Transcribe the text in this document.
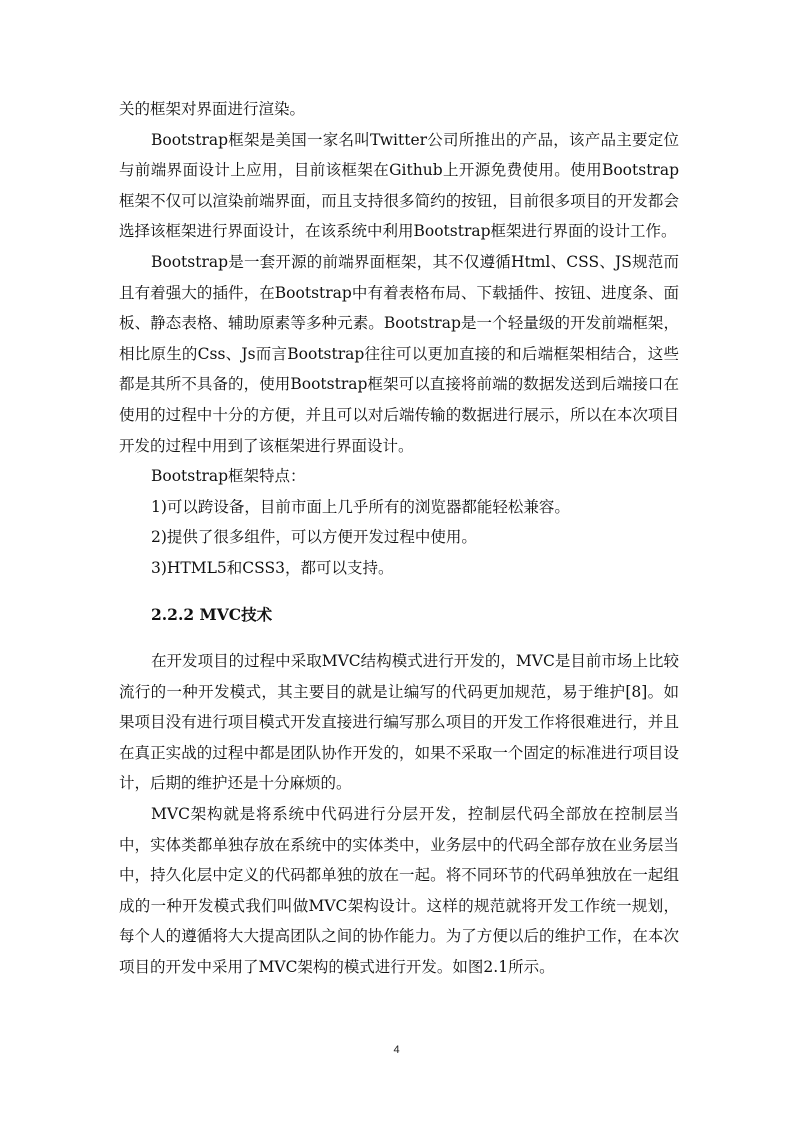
关的框架对界面进行渲染。

Bootstrap框架是美国一家名叫Twitter公司所推出的产品，该产品主要定位与前端界面设计上应用，目前该框架在Github上开源免费使用。使用Bootstrap框架不仅可以渲染前端界面，而且支持很多简约的按钮，目前很多项目的开发都会选择该框架进行界面设计，在该系统中利用Bootstrap框架进行界面的设计工作。

Bootstrap是一套开源的前端界面框架，其不仅遵循Html、CSS、JS规范而且有着强大的插件，在Bootstrap中有着表格布局、下载插件、按钮、进度条、面板、静态表格、辅助原素等多种元素。Bootstrap是一个轻量级的开发前端框架，相比原生的Css、Js而言Bootstrap往往可以更加直接的和后端框架相结合，这些都是其所不具备的，使用Bootstrap框架可以直接将前端的数据发送到后端接口在使用的过程中十分的方便，并且可以对后端传输的数据进行展示，所以在本次项目开发的过程中用到了该框架进行界面设计。

Bootstrap框架特点：

1)可以跨设备，目前市面上几乎所有的浏览器都能轻松兼容。

2)提供了很多组件，可以方便开发过程中使用。

3)HTML5和CSS3，都可以支持。

2.2.2 MVC技术

在开发项目的过程中采取MVC结构模式进行开发的，MVC是目前市场上比较流行的一种开发模式，其主要目的就是让编写的代码更加规范，易于维护[8]。如果项目没有进行项目模式开发直接进行编写那么项目的开发工作将很难进行，并且在真正实战的过程中都是团队协作开发的，如果不采取一个固定的标准进行项目设计，后期的维护还是十分麻烦的。

MVC架构就是将系统中代码进行分层开发，控制层代码全部放在控制层当中，实体类都单独存放在系统中的实体类中，业务层中的代码全部存放在业务层当中，持久化层中定义的代码都单独的放在一起。将不同环节的代码单独放在一起组成的一种开发模式我们叫做MVC架构设计。这样的规范就将开发工作统一规划，每个人的遵循将大大提高团队之间的协作能力。为了方便以后的维护工作，在本次项目的开发中采用了MVC架构的模式进行开发。如图2.1所示。

4
